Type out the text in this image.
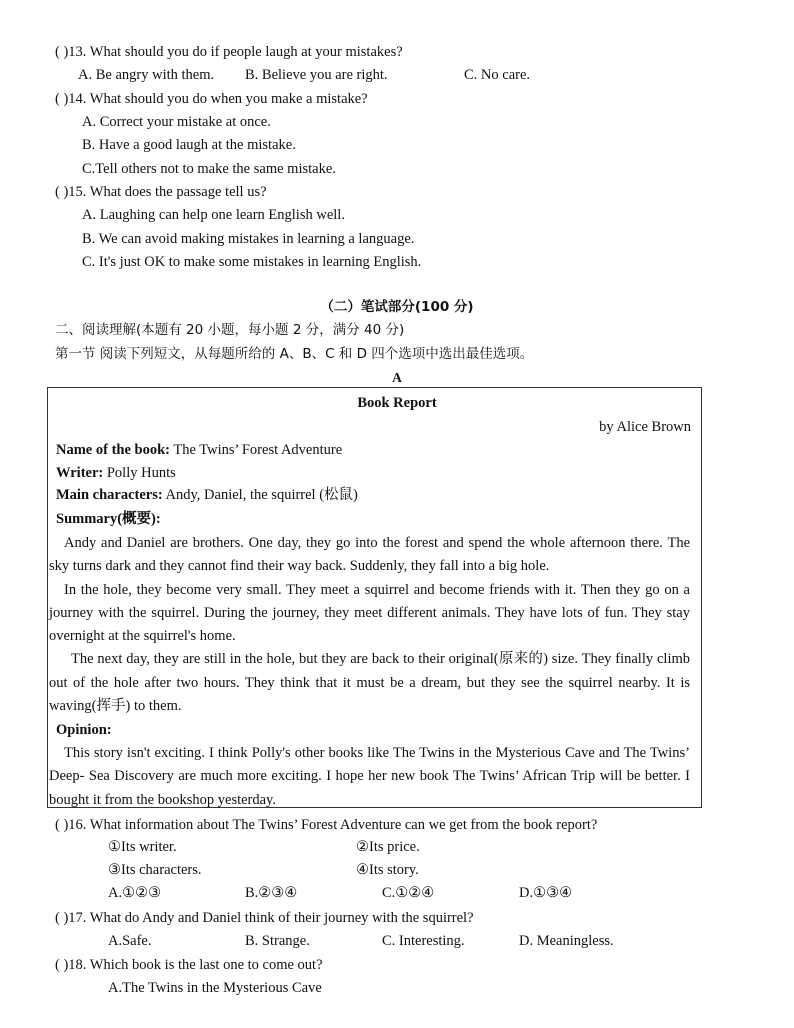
( )13. What should you do if people laugh at your mistakes?
A. Be angry with them. B. Believe you are right.	C. No care.
( )14. What should you do when you make a mistake?
A. Correct your mistake at once.
B. Have a good laugh at the mistake.
C.Tell others not to make the same mistake.
( )15. What does the passage tell us?
A. Laughing can help one learn English well.
B. We can avoid making mistakes in learning a language.
C. It's just OK to make some mistakes in learning English.
（二）笔试部分(100 分)
二、阅读理解(本题有 20 小题，每小题 2 分，满分 40 分)
第一节 阅读下列短文，从每题所给的 A、B、C 和 D 四个选项中选出最佳选项。
A
Book Report
by Alice Brown
Name of the book: The Twins’ Forest Adventure
Writer: Polly Hunts
Main characters: Andy, Daniel, the squirrel (松鼠)
Summary(概要):

Andy and Daniel are brothers. One day, they go into the forest and spend the whole afternoon there. The sky turns dark and they cannot find their way back. Suddenly, they fall into a big hole.

In the hole, they become very small. They meet a squirrel and become friends with it. Then they go on a journey with the squirrel. During the journey, they meet different animals. They have lots of fun. They stay overnight at the squirrel's home.

The next day, they are still in the hole, but they are back to their original(原来的) size. They finally climb out of the hole after two hours. They think that it must be a dream, but they see the squirrel nearby. It is waving(挥手) to them.

Opinion:

This story isn't exciting. I think Polly's other books like The Twins in the Mysterious Cave and The Twins’ Deep- Sea Discovery are much more exciting. I hope her new book The Twins’ African Trip will be better. I bought it from the bookshop yesterday.

( )16. What information about The Twins’ Forest Adventure can we get from the book report?
①Its writer.	②Its price.
③Its characters.	④Its story.
A.①②③	B.②③④	C.①②④	D.①③④
( )17. What do Andy and Daniel think of their journey with the squirrel?
A.Safe.	B. Strange.	C. Interesting.	D. Meaningless.
( )18. Which book is the last one to come out?
A.The Twins in the Mysterious Cave
